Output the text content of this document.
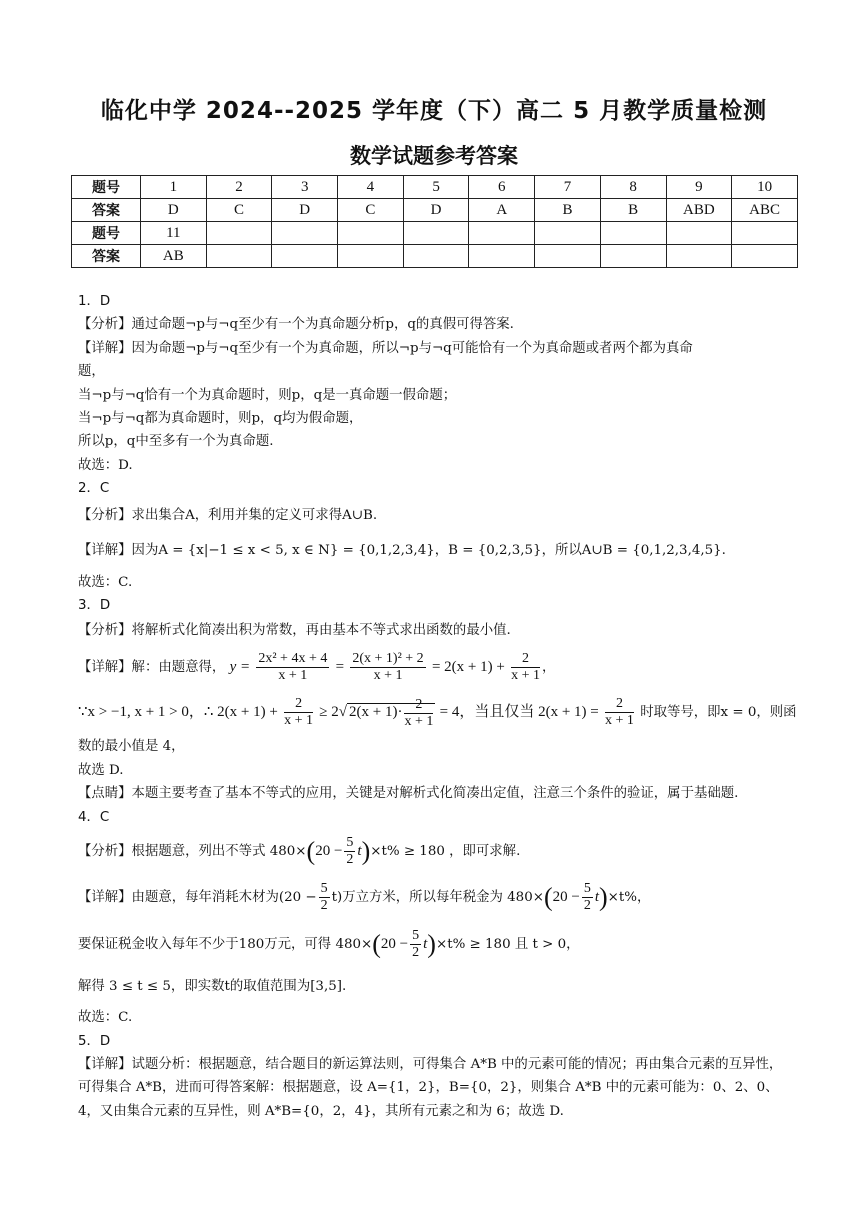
临化中学 2024--2025 学年度（下）高二 5 月教学质量检测
数学试题参考答案
题号	1	2	3	4	5	6	7	8	9	10
答案	D	C	D	C	D	A	B	B	ABD	ABC
题号	11									
答案	AB									
1．D
【分析】通过命题¬p与¬q至少有一个为真命题分析p，q的真假可得答案.
【详解】因为命题¬p与¬q至少有一个为真命题，所以¬p与¬q可能恰有一个为真命题或者两个都为真命
题，
当¬p与¬q恰有一个为真命题时，则p，q是一真命题一假命题；
当¬p与¬q都为真命题时，则p，q均为假命题，
所以p，q中至多有一个为真命题.
故选：D.
2．C
【分析】求出集合A，利用并集的定义可求得A∪B.
【详解】因为A = {x|−1 ≤ x < 5, x ∈ N} = {0,1,2,3,4}，B = {0,2,3,5}，所以A∪B = {0,1,2,3,4,5}.
故选：C.
3．D
【分析】将解析式化简凑出积为常数，再由基本不等式求出函数的最小值.
【详解】解：由题意得， $y = \frac{\text{2x² + 4x + 4}}{x + 1} = \frac{\text{2(x + 1)² + 2}}{x + 1} = 2(x + 1) + \frac{2}{x + 1}$ ，
∵x > −1, x + 1 > 0，∴ $2(x + 1) + \frac{2}{x + 1} \ge 2√$ $2(x + 1)\cdot \frac{2}{x + 1} = 4$，当且仅当 $2(x + 1) = \frac{2}{x + 1}$ 时取等号，即x = 0，则函
数的最小值是 4，
故选 D.
【点睛】本题主要考查了基本不等式的应用，关键是对解析式化简凑出定值，注意三个条件的验证，属于基础题.
4．C
【分析】根据题意，列出不等式 $480\times(20 - \frac{5}{2} t)\times t\% \ge 180$ ，即可求解.
【详解】由题意，每年消耗木材为$(20 - \frac{5}{2} t)$万立方米，所以每年税金为 $480\times(20 - \frac{5}{2} t)\times t\%$，
要保证税金收入每年不少于180万元，可得 $480\times(20 - \frac{5}{2} t)\times t\% \ge 180$ 且 t > 0，
解得 3 ≤ t ≤ 5，即实数t的取值范围为[3,5].
故选：C.
5．D
【详解】试题分析：根据题意，结合题目的新运算法则，可得集合 A*B 中的元素可能的情况；再由集合元素的互异性，可得集合 A*B，进而可得答案解：根据题意，设 A={1，2}，B={0，2}，则集合 A*B 中的元素可能为：0、2、0、4，又由集合元素的互异性，则 A*B={0，2，4}，其所有元素之和为 6；故选 D.
